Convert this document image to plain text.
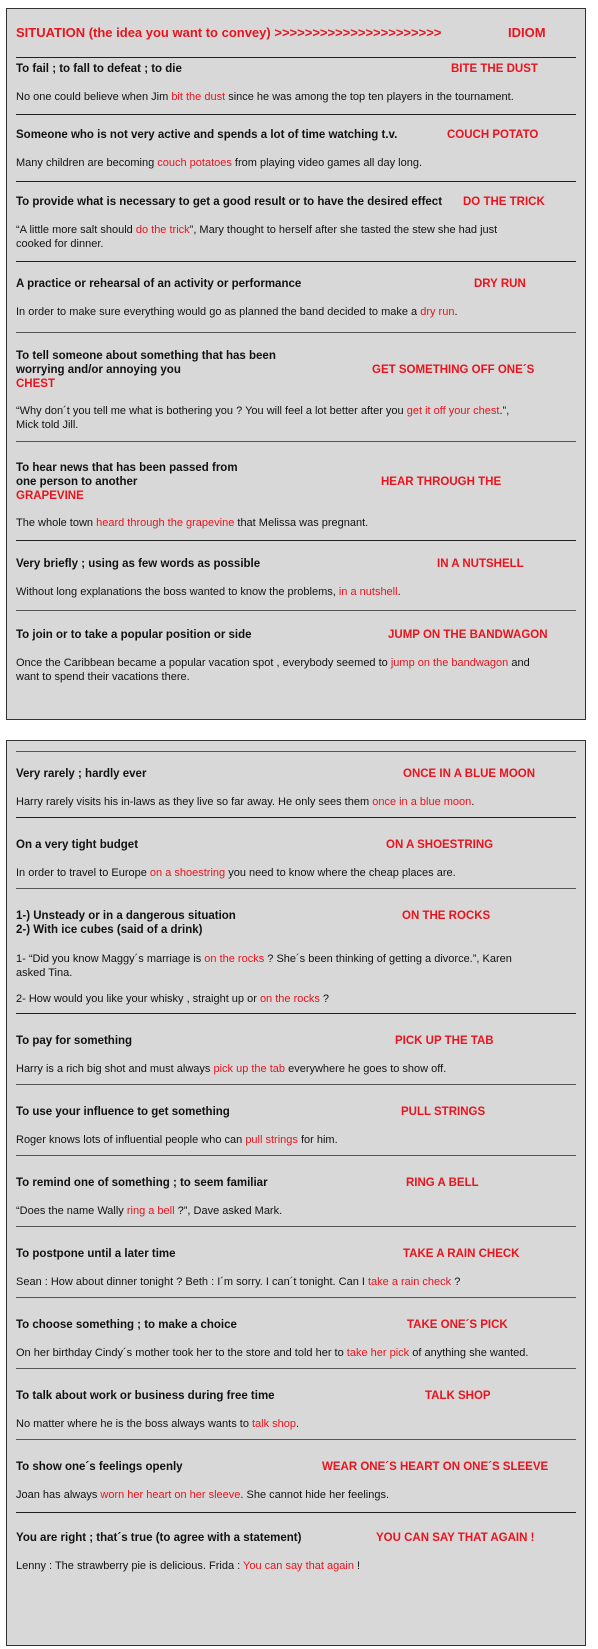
SITUATION (the idea you want to convey) >>>>>>>>>>>>>>>>>>>>>>	IDIOM
To fail ; to fall to defeat ; to die	BITE THE DUST
No one could believe when Jim bit the dust since he was among the top ten players in the tournament.
Someone who is not very active and spends a lot of time watching t.v.	COUCH POTATO
Many children are becoming couch potatoes from playing video games all day long.
To provide what is necessary to get a good result or to have the desired effect DO THE TRICK
“A little more salt should do the trick”, Mary thought to herself after she tasted the stew she had just
cooked for dinner.
A practice or rehearsal of an activity or performance	DRY RUN
In order to make sure everything would go as planned the band decided to make a dry run.
To tell someone about something that has been
worrying and/or annoying you	GET SOMETHING OFF ONE´S
CHEST
“Why don´t you tell me what is bothering you ? You will feel a lot better after you get it off your chest.”,
Mick told Jill.
To hear news that has been passed from
one person to another	HEAR THROUGH THE
GRAPEVINE
The whole town heard through the grapevine that Melissa was pregnant.
Very briefly ; using as few words as possible	IN A NUTSHELL
Without long explanations the boss wanted to know the problems, in a nutshell.
To join or to take a popular position or side	JUMP ON THE BANDWAGON
Once the Caribbean became a popular vacation spot , everybody seemed to jump on the bandwagon and
want to spend their vacations there.
Very rarely ; hardly ever	ONCE IN A BLUE MOON
Harry rarely visits his in-laws as they live so far away. He only sees them once in a blue moon.
On a very tight budget	ON A SHOESTRING
In order to travel to Europe on a shoestring you need to know where the cheap places are.
1-) Unsteady or in a dangerous situation
2-) With ice cubes (said of a drink)
ON THE ROCKS
1- “Did you know Maggy´s marriage is on the rocks ? She´s been thinking of getting a divorce.”, Karen
asked Tina.
2- How would you like your whisky , straight up or on the rocks ?
To pay for something	PICK UP THE TAB
Harry is a rich big shot and must always pick up the tab everywhere he goes to show off.
To use your influence to get something	PULL STRINGS
Roger knows lots of influential people who can pull strings for him.
To remind one of something ; to seem familiar	RING A BELL
“Does the name Wally ring a bell ?”, Dave asked Mark.
To postpone until a later time	TAKE A RAIN CHECK
Sean : How about dinner tonight ? Beth : I´m sorry. I can´t tonight. Can I take a rain check ?
To choose something ; to make a choice	TAKE ONE´S PICK
On her birthday Cindy´s mother took her to the store and told her to take her pick of anything she wanted.
To talk about work or business during free time	TALK SHOP
No matter where he is the boss always wants to talk shop.
To show one´s feelings openly	WEAR ONE´S HEART ON ONE´S SLEEVE
Joan has always worn her heart on her sleeve. She cannot hide her feelings.
You are right ; that´s true (to agree with a statement)	YOU CAN SAY THAT AGAIN !
Lenny : The strawberry pie is delicious. Frida : You can say that again !
